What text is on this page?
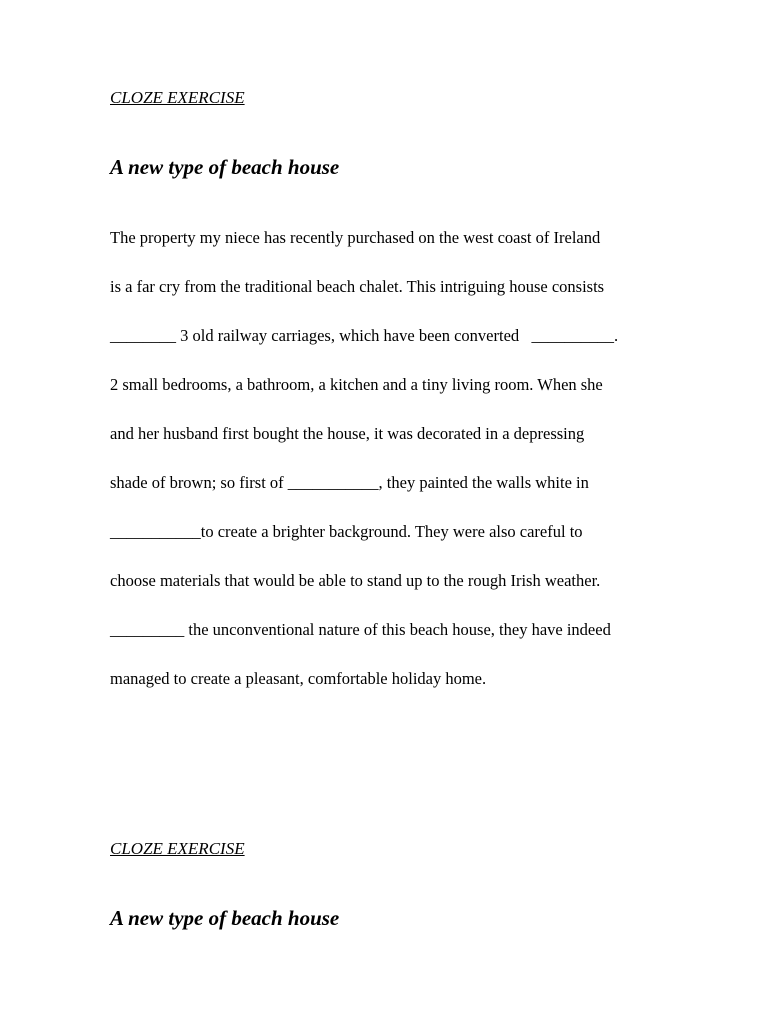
CLOZE EXERCISE

A new type of beach house

The property my niece has recently purchased on the west coast of Ireland
is a far cry from the traditional beach chalet. This intriguing house consists
________ 3 old railway carriages, which have been converted   __________.
2 small bedrooms, a bathroom, a kitchen and a tiny living room. When she
and her husband first bought the house, it was decorated in a depressing
shade of brown; so first of ___________, they painted the walls white in
___________to create a brighter background. They were also careful to
choose materials that would be able to stand up to the rough Irish weather.
_________ the unconventional nature of this beach house, they have indeed
managed to create a pleasant, comfortable holiday home.

CLOZE EXERCISE

A new type of beach house
